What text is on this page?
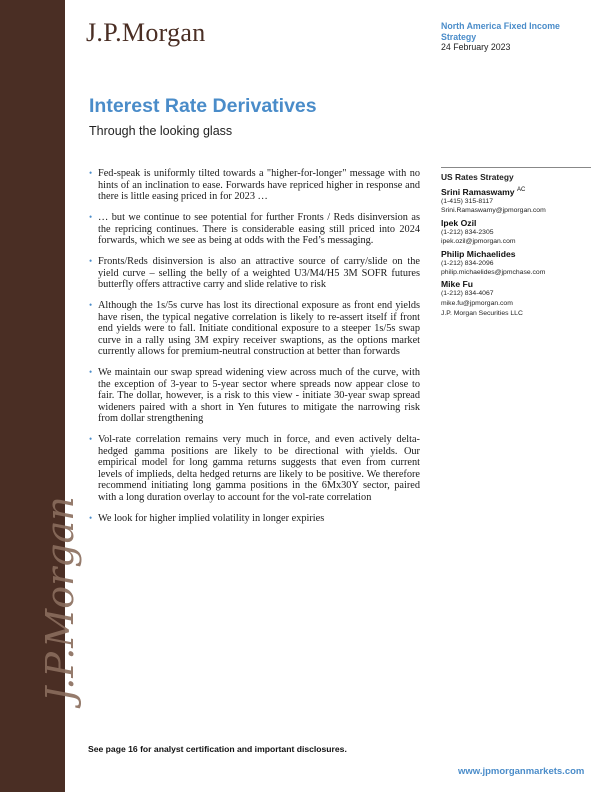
J.P.Morgan
J.P.Morgan	North America Fixed Income Strategy
24 February 2023
Interest Rate Derivatives
Through the looking glass
• Fed-speak is uniformly tilted towards a "higher-for-longer" message with no hints of an inclination to ease. Forwards have repriced higher in response and there is little easing priced in for 2023 …
• … but we continue to see potential for further Fronts / Reds disinversion as the repricing continues. There is considerable easing still priced into 2024 forwards, which we see as being at odds with the Fed’s messaging.
• Fronts/Reds disinversion is also an attractive source of carry/slide on the yield curve – selling the belly of a weighted U3/M4/H5 3M SOFR futures butterfly offers attractive carry and slide relative to risk
• Although the 1s/5s curve has lost its directional exposure as front end yields have risen, the typical negative correlation is likely to re-assert itself if front end yields were to fall. Initiate conditional exposure to a steeper 1s/5s swap curve in a rally using 3M expiry receiver swaptions, as the options market currently allows for premium-neutral construction at better than forwards
• We maintain our swap spread widening view across much of the curve, with the exception of 3-year to 5-year sector where spreads now appear close to fair. The dollar, however, is a risk to this view - initiate 30-year swap spread wideners paired with a short in Yen futures to mitigate the narrowing risk from dollar strengthening
• Vol-rate correlation remains very much in force, and even actively delta-hedged gamma positions are likely to be directional with yields. Our empirical model for long gamma returns suggests that even from current levels of implieds, delta hedged returns are likely to be positive. We therefore recommend initiating long gamma positions in the 6Mx30Y sector, paired with a long duration overlay to account for the vol-rate correlation
• We look for higher implied volatility in longer expiries
US Rates Strategy
Srini Ramaswamy $^{AC}$
(1-415) 315-8117
Srini.Ramaswamy@jpmorgan.com
Ipek Ozil
(1-212) 834-2305
ipek.ozil@jpmorgan.com
Philip Michaelides
(1-212) 834-2096
philip.michaelides@jpmchase.com
Mike Fu
(1-212) 834-4067
mike.fu@jpmorgan.com
J.P. Morgan Securities LLC
See page 16 for analyst certification and important disclosures.
www.jpmorganmarkets.com
